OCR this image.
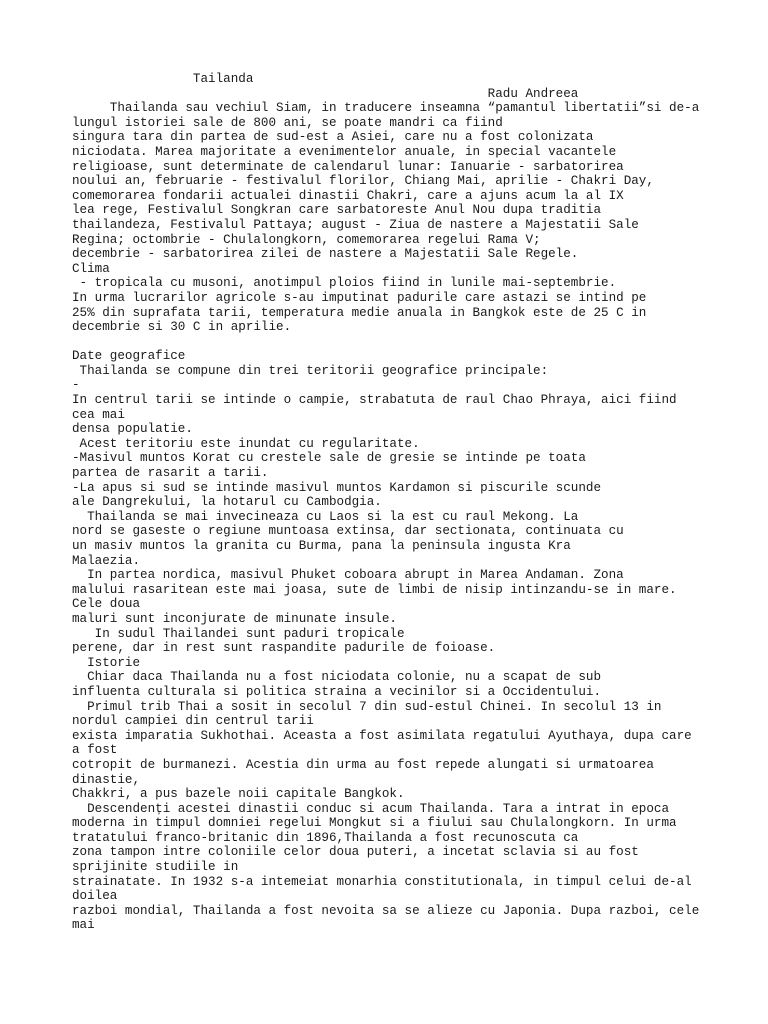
Tailanda
Radu Andreea
Thailanda sau vechiul Siam, in traducere inseamna “pamantul libertatii”si de-a
lungul istoriei sale de 800 ani, se poate mandri ca fiind
singura tara din partea de sud-est a Asiei, care nu a fost colonizata
niciodata. Marea majoritate a evenimentelor anuale, in special vacantele
religioase, sunt determinate de calendarul lunar: Ianuarie - sarbatorirea
noului an, februarie - festivalul florilor, Chiang Mai, aprilie - Chakri Day,
comemorarea fondarii actualei dinastii Chakri, care a ajuns acum la al IX
lea rege, Festivalul Songkran care sarbatoreste Anul Nou dupa traditia
thailandeza, Festivalul Pattaya; august - Ziua de nastere a Majestatii Sale
Regina; octombrie - Chulalongkorn, comemorarea regelui Rama V;
decembrie - sarbatorirea zilei de nastere a Majestatii Sale Regele.
Clima
- tropicala cu musoni, anotimpul ploios fiind in lunile mai-septembrie.
In urma lucrarilor agricole s-au imputinat padurile care astazi se intind pe
25% din suprafata tarii, temperatura medie anuala in Bangkok este de 25 C in
decembrie si 30 C in aprilie.
Date geografice
Thailanda se compune din trei teritorii geografice principale:
-
In centrul tarii se intinde o campie, strabatuta de raul Chao Phraya, aici fiind
cea mai
densa populatie.
Acest teritoriu este inundat cu regularitate.
-Masivul muntos Korat cu crestele sale de gresie se intinde pe toata
partea de rasarit a tarii.
-La apus si sud se intinde masivul muntos Kardamon si piscurile scunde
ale Dangrekului, la hotarul cu Cambodgia.
Thailanda se mai invecineaza cu Laos si la est cu raul Mekong. La
nord se gaseste o regiune muntoasa extinsa, dar sectionata, continuata cu
un masiv muntos la granita cu Burma, pana la peninsula ingusta Kra
Malaezia.
In partea nordica, masivul Phuket coboara abrupt in Marea Andaman. Zona
malului rasaritean este mai joasa, sute de limbi de nisip intinzandu-se in mare.
Cele doua
maluri sunt inconjurate de minunate insule.
In sudul Thailandei sunt paduri tropicale
perene, dar in rest sunt raspandite padurile de foioase.
Istorie
Chiar daca Thailanda nu a fost niciodata colonie, nu a scapat de sub
influenta culturala si politica straina a vecinilor si a Occidentului.
Primul trib Thai a sosit in secolul 7 din sud-estul Chinei. In secolul 13 in
nordul campiei din centrul tarii
exista imparatia Sukhothai. Aceasta a fost asimilata regatului Ayuthaya, dupa care
a fost
cotropit de burmanezi. Acestia din urma au fost repede alungati si urmatoarea
dinastie,
Chakkri, a pus bazele noii capitale Bangkok.
Descendenți acestei dinastii conduc si acum Thailanda. Tara a intrat in epoca
moderna in timpul domniei regelui Mongkut si a fiului sau Chulalongkorn. In urma
tratatului franco-britanic din 1896,Thailanda a fost recunoscuta ca
zona tampon intre coloniile celor doua puteri, a incetat sclavia si au fost
sprijinite studiile in
strainatate. In 1932 s-a intemeiat monarhia constitutionala, in timpul celui de-al
doilea
razboi mondial, Thailanda a fost nevoita sa se alieze cu Japonia. Dupa razboi, cele
mai
